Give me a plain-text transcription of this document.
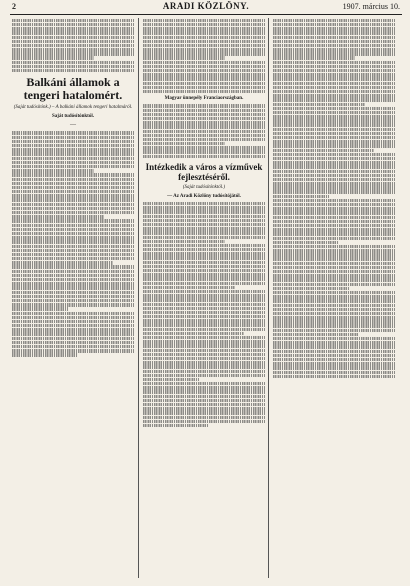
2	ARADI KÖZLÖNY.	1907. március 10.
Balkáni államok a tengeri hatalomért.
(Saját tudósítónk.) – A balkáni államok tengeri hatalmáról.
Saját tudósítónktól.
—
Magyar ünnepély Franciaországban.
Intézkedik a város a vízművek fejlesztéséről.
(Saját tudósítónktól.)
— Az Aradi Közlöny tudósítójától.
